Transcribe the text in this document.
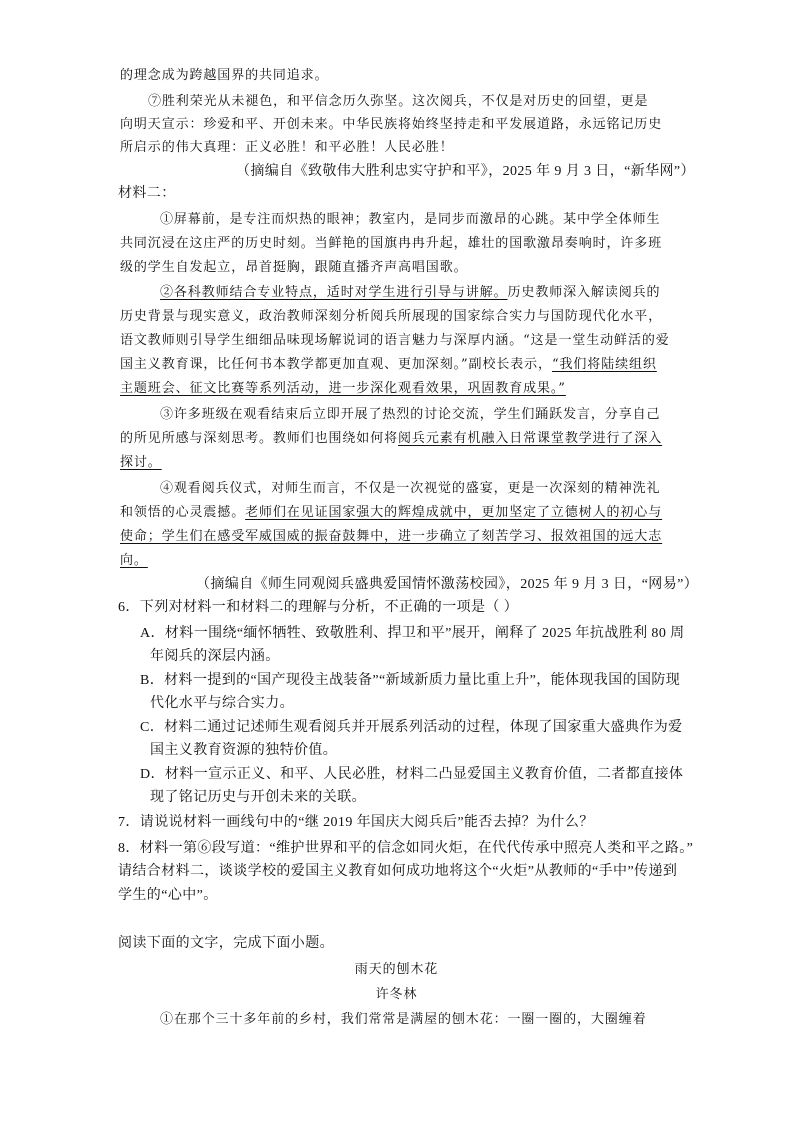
的理念成为跨越国界的共同追求。
⑦胜利荣光从未褪色，和平信念历久弥坚。这次阅兵，不仅是对历史的回望，更是
向明天宣示：珍爱和平、开创未来。中华民族将始终坚持走和平发展道路，永远铭记历史
所启示的伟大真理：正义必胜！和平必胜！人民必胜！
（摘编自《致敬伟大胜利忠实守护和平》，2025 年 9 月 3 日，“新华网”）
材料二：
①屏幕前，是专注而炽热的眼神；教室内，是同步而激昂的心跳。某中学全体师生
共同沉浸在这庄严的历史时刻。当鲜艳的国旗冉冉升起，雄壮的国歌激昂奏响时，许多班
级的学生自发起立，昂首挺胸，跟随直播齐声高唱国歌。
②各科教师结合专业特点，适时对学生进行引导与讲解。历史教师深入解读阅兵的
历史背景与现实意义，政治教师深刻分析阅兵所展现的国家综合实力与国防现代化水平，
语文教师则引导学生细细品味现场解说词的语言魅力与深厚内涵。“这是一堂生动鲜活的爱
国主义教育课，比任何书本教学都更加直观、更加深刻。”副校长表示，“我们将陆续组织
主题班会、征文比赛等系列活动，进一步深化观看效果，巩固教育成果。”
③许多班级在观看结束后立即开展了热烈的讨论交流，学生们踊跃发言，分享自己
的所见所感与深刻思考。教师们也围绕如何将阅兵元素有机融入日常课堂教学进行了深入
探讨。
④观看阅兵仪式，对师生而言，不仅是一次视觉的盛宴，更是一次深刻的精神洗礼
和领悟的心灵震撼。老师们在见证国家强大的辉煌成就中，更加坚定了立德树人的初心与
使命；学生们在感受军威国威的振奋鼓舞中，进一步确立了刻苦学习、报效祖国的远大志
向。
（摘编自《师生同观阅兵盛典爱国情怀激荡校园》，2025 年 9 月 3 日，“网易”）
6．下列对材料一和材料二的理解与分析，不正确的一项是（ ）
A．材料一围绕“缅怀牺牲、致敬胜利、捍卫和平”展开，阐释了 2025 年抗战胜利 80 周
年阅兵的深层内涵。
B．材料一提到的“国产现役主战装备”“新域新质力量比重上升”，能体现我国的国防现
代化水平与综合实力。
C．材料二通过记述师生观看阅兵并开展系列活动的过程，体现了国家重大盛典作为爱
国主义教育资源的独特价值。
D．材料一宣示正义、和平、人民必胜，材料二凸显爱国主义教育价值，二者都直接体
现了铭记历史与开创未来的关联。
7．请说说材料一画线句中的“继 2019 年国庆大阅兵后”能否去掉？为什么？
8．材料一第⑥段写道：“维护世界和平的信念如同火炬，在代代传承中照亮人类和平之路。”
请结合材料二，谈谈学校的爱国主义教育如何成功地将这个“火炬”从教师的“手中”传递到
学生的“心中”。
阅读下面的文字，完成下面小题。
雨天的刨木花
许冬林
①在那个三十多年前的乡村，我们常常是满屋的刨木花：一圈一圈的，大圈缠着
